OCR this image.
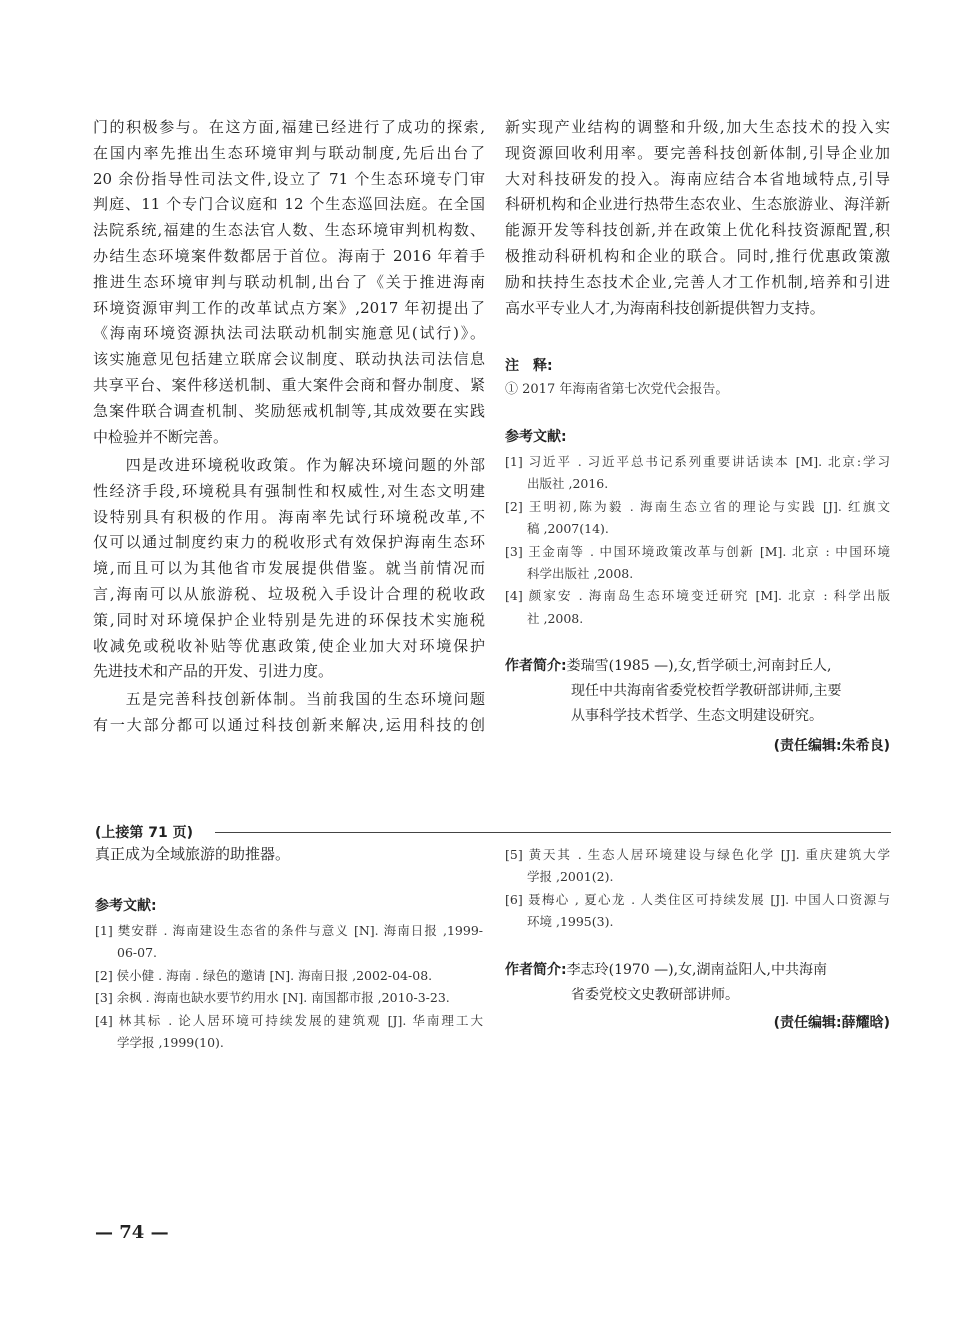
门的积极参与。在这方面,福建已经进行了成功的探索,
在国内率先推出生态环境审判与联动制度,先后出台了
20 余份指导性司法文件,设立了 71 个生态环境专门审
判庭、11 个专门合议庭和 12 个生态巡回法庭。在全国
法院系统,福建的生态法官人数、生态环境审判机构数、
办结生态环境案件数都居于首位。海南于 2016 年着手
推进生态环境审判与联动机制,出台了《关于推进海南
环境资源审判工作的改革试点方案》,2017 年初提出了
《海南环境资源执法司法联动机制实施意见(试行)》。
该实施意见包括建立联席会议制度、联动执法司法信息
共享平台、案件移送机制、重大案件会商和督办制度、紧
急案件联合调查机制、奖励惩戒机制等,其成效要在实践
中检验并不断完善。
　　四是改进环境税收政策。作为解决环境问题的外部
性经济手段,环境税具有强制性和权威性,对生态文明建
设特别具有积极的作用。海南率先试行环境税改革,不
仅可以通过制度约束力的税收形式有效保护海南生态环
境,而且可以为其他省市发展提供借鉴。就当前情况而
言,海南可以从旅游税、垃圾税入手设计合理的税收政
策,同时对环境保护企业特别是先进的环保技术实施税
收减免或税收补贴等优惠政策,使企业加大对环境保护
先进技术和产品的开发、引进力度。
　　五是完善科技创新体制。当前我国的生态环境问题
有一大部分都可以通过科技创新来解决,运用科技的创
新实现产业结构的调整和升级,加大生态技术的投入实
现资源回收利用率。要完善科技创新体制,引导企业加
大对科技研发的投入。海南应结合本省地域特点,引导
科研机构和企业进行热带生态农业、生态旅游业、海洋新
能源开发等科技创新,并在政策上优化科技资源配置,积
极推动科研机构和企业的联合。同时,推行优惠政策激
励和扶持生态技术企业,完善人才工作机制,培养和引进
高水平专业人才,为海南科技创新提供智力支持。
注　释:
① 2017 年海南省第七次党代会报告。
参考文献:
[1] 习近平 . 习近平总书记系列重要讲话读本 [M]. 北京:学习
出版社 ,2016.
[2] 王明初,陈为毅 . 海南生态立省的理论与实践 [J]. 红旗文
稿 ,2007(14).
[3] 王金南等 . 中国环境政策改革与创新 [M]. 北京 : 中国环境
科学出版社 ,2008.
[4] 颜家安 . 海南岛生态环境变迁研究 [M]. 北京 : 科学出版
社 ,2008.
作者简介:娄瑞雪(1985 —),女,哲学硕士,河南封丘人,
现任中共海南省委党校哲学教研部讲师,主要
从事科学技术哲学、生态文明建设研究。
(责任编辑:朱希良)
(上接第 71 页)
真正成为全域旅游的助推器。
参考文献:
[1] 樊安群 . 海南建设生态省的条件与意义 [N]. 海南日报 ,1999-
06-07.
[2] 侯小健 . 海南 . 绿色的邀请 [N]. 海南日报 ,2002-04-08.
[3] 余枫 . 海南也缺水要节约用水 [N]. 南国都市报 ,2010-3-23.
[4] 林其标 . 论人居环境可持续发展的建筑观 [J]. 华南理工大
学学报 ,1999(10).
[5] 黄天其 . 生态人居环境建设与绿色化学 [J]. 重庆建筑大学
学报 ,2001(2).
[6] 聂梅心 , 夏心龙 . 人类住区可持续发展 [J]. 中国人口资源与
环境 ,1995(3).
作者简介:李志玲(1970 —),女,湖南益阳人,中共海南
省委党校文史教研部讲师。
(责任编辑:薛耀晗)
— 74 —
